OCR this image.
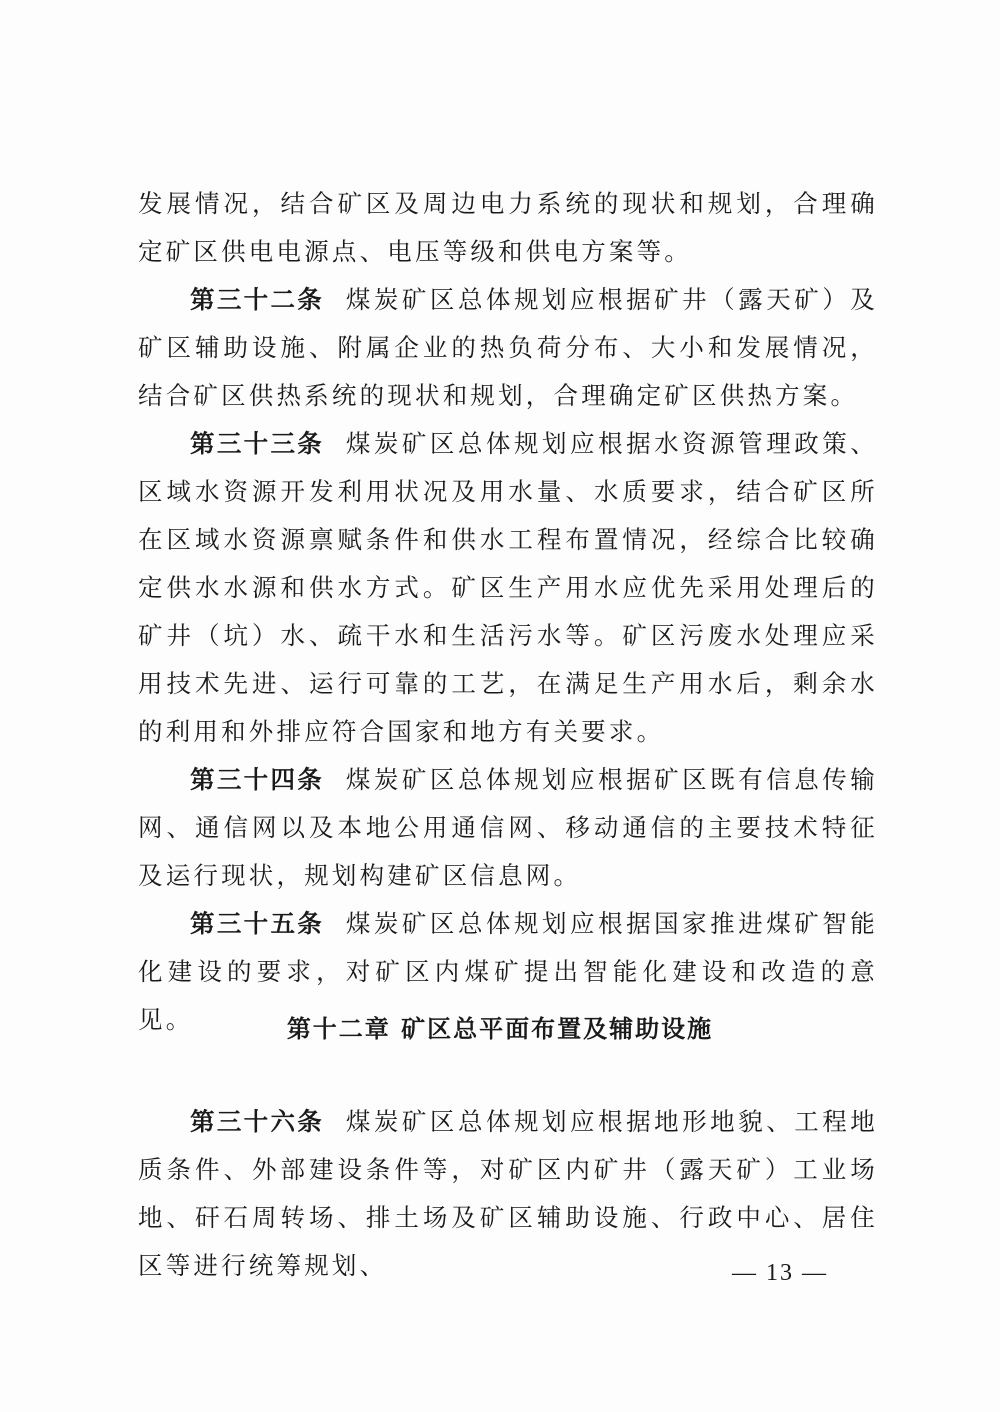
发展情况，结合矿区及周边电力系统的现状和规划，合理确定矿区供电电源点、电压等级和供电方案等。

第三十二条 煤炭矿区总体规划应根据矿井（露天矿）及矿区辅助设施、附属企业的热负荷分布、大小和发展情况，结合矿区供热系统的现状和规划，合理确定矿区供热方案。

第三十三条 煤炭矿区总体规划应根据水资源管理政策、区域水资源开发利用状况及用水量、水质要求，结合矿区所在区域水资源禀赋条件和供水工程布置情况，经综合比较确定供水水源和供水方式。矿区生产用水应优先采用处理后的矿井（坑）水、疏干水和生活污水等。矿区污废水处理应采用技术先进、运行可靠的工艺，在满足生产用水后，剩余水的利用和外排应符合国家和地方有关要求。

第三十四条 煤炭矿区总体规划应根据矿区既有信息传输网、通信网以及本地公用通信网、移动通信的主要技术特征及运行现状，规划构建矿区信息网。

第三十五条 煤炭矿区总体规划应根据国家推进煤矿智能化建设的要求，对矿区内煤矿提出智能化建设和改造的意见。	第十二章 矿区总平面布置及辅助设施

第三十六条 煤炭矿区总体规划应根据地形地貌、工程地质条件、外部建设条件等，对矿区内矿井（露天矿）工业场地、矸石周转场、排土场及矿区辅助设施、行政中心、居住区等进行统筹规划、	— 13 —
